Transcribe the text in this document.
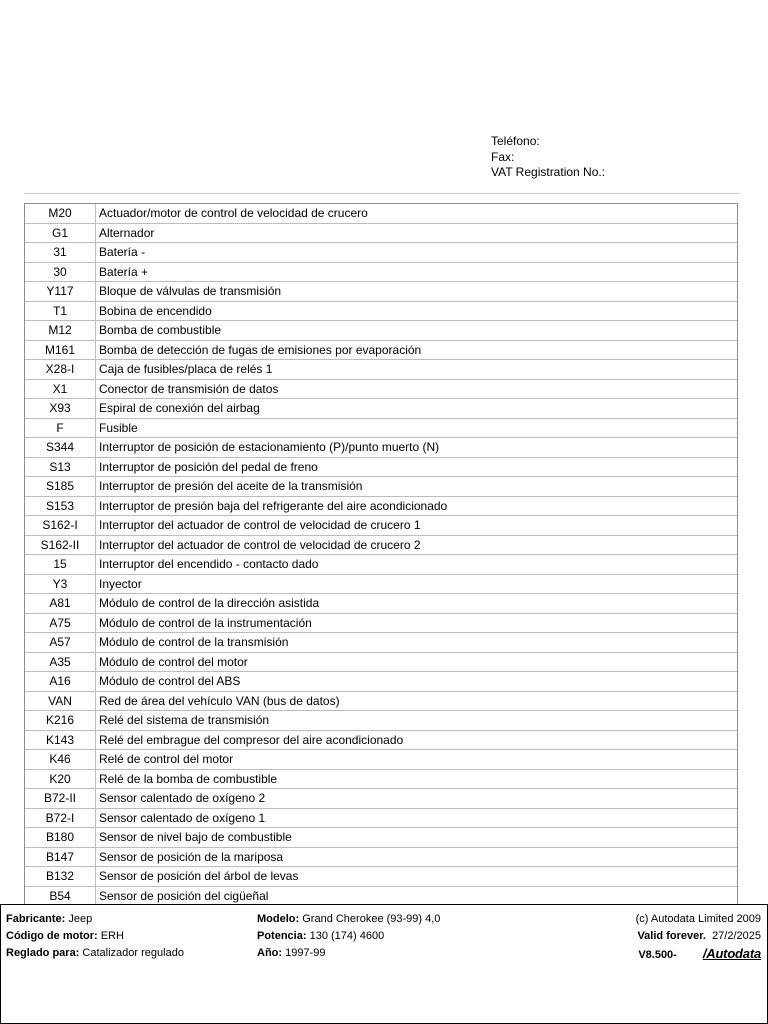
Teléfono:
Fax:
VAT Registration No.:
M20	Actuador/motor de control de velocidad de crucero
G1	Alternador
31	Batería -
30	Batería +
Y117	Bloque de válvulas de transmisión
T1	Bobina de encendido
M12	Bomba de combustible
M161	Bomba de detección de fugas de emisiones por evaporación
X28-I	Caja de fusibles/placa de relés 1
X1	Conector de transmisión de datos
X93	Espiral de conexión del airbag
F	Fusible
S344	Interruptor de posición de estacionamiento (P)/punto muerto (N)
S13	Interruptor de posición del pedal de freno
S185	Interruptor de presión del aceite de la transmisión
S153	Interruptor de presión baja del refrigerante del aire acondicionado
S162-I	Interruptor del actuador de control de velocidad de crucero 1
S162-II	Interruptor del actuador de control de velocidad de crucero 2
15	Interruptor del encendido - contacto dado
Y3	Inyector
A81	Módulo de control de la dirección asistida
A75	Módulo de control de la instrumentación
A57	Módulo de control de la transmisión
A35	Módulo de control del motor
A16	Módulo de control del ABS
VAN	Red de área del vehículo VAN (bus de datos)
K216	Relé del sistema de transmisión
K143	Relé del embrague del compresor del aire acondicionado
K46	Relé de control del motor
K20	Relé de la bomba de combustible
B72-II	Sensor calentado de oxígeno 2
B72-I	Sensor calentado de oxígeno 1
B180	Sensor de nivel bajo de combustible
B147	Sensor de posición de la mariposa
B132	Sensor de posición del árbol de levas
B54	Sensor de posición del cigüeñal
Fabricante: Jeep
Código de motor: ERH
Reglado para: Catalizador regulado
Modelo: Grand Cherokee (93-99) 4,0
Potencia: 130 (174) 4600
Año: 1997-99
(c) Autodata Limited 2009
Valid forever. 27/2/2025
V8.500- /Autodata
